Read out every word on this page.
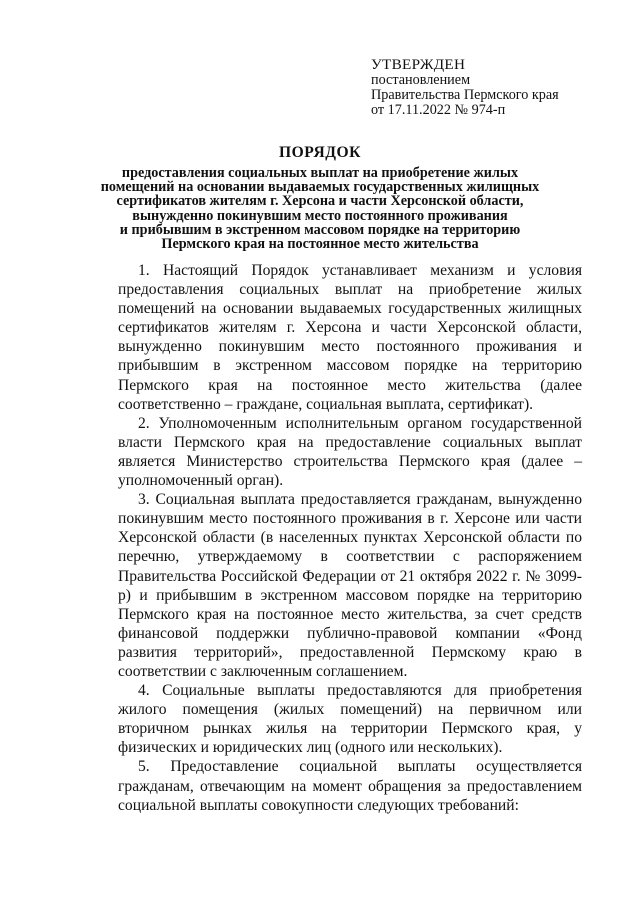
УТВЕРЖДЕН
постановлением
Правительства Пермского края
от 17.11.2022 № 974-п
ПОРЯДОК
предоставления социальных выплат на приобретение жилых
помещений на основании выдаваемых государственных жилищных
сертификатов жителям г. Херсона и части Херсонской области,
вынужденно покинувшим место постоянного проживания
и прибывшим в экстренном массовом порядке на территорию
Пермского края на постоянное место жительства

1. Настоящий Порядок устанавливает механизм и условия предоставления социальных выплат на приобретение жилых помещений на основании выдаваемых государственных жилищных сертификатов жителям г. Херсона и части Херсонской области, вынужденно покинувшим место постоянного проживания и прибывшим в экстренном массовом порядке на территорию Пермского края на постоянное место жительства (далее соответственно – граждане, социальная выплата, сертификат).

2. Уполномоченным исполнительным органом государственной власти Пермского края на предоставление социальных выплат является Министерство строительства Пермского края (далее – уполномоченный орган).

3. Социальная выплата предоставляется гражданам, вынужденно покинувшим место постоянного проживания в г. Херсоне или части Херсонской области (в населенных пунктах Херсонской области по перечню, утверждаемому в соответствии с распоряжением Правительства Российской Федерации от 21 октября 2022 г. № 3099-р) и прибывшим в экстренном массовом порядке на территорию Пермского края на постоянное место жительства, за счет средств финансовой поддержки публично-правовой компании «Фонд развития территорий», предоставленной Пермскому краю в соответствии с заключенным соглашением.

4. Социальные выплаты предоставляются для приобретения жилого помещения (жилых помещений) на первичном или вторичном рынках жилья на территории Пермского края, у физических и юридических лиц (одного или нескольких).

5. Предоставление социальной выплаты осуществляется гражданам, отвечающим на момент обращения за предоставлением социальной выплаты совокупности следующих требований:
